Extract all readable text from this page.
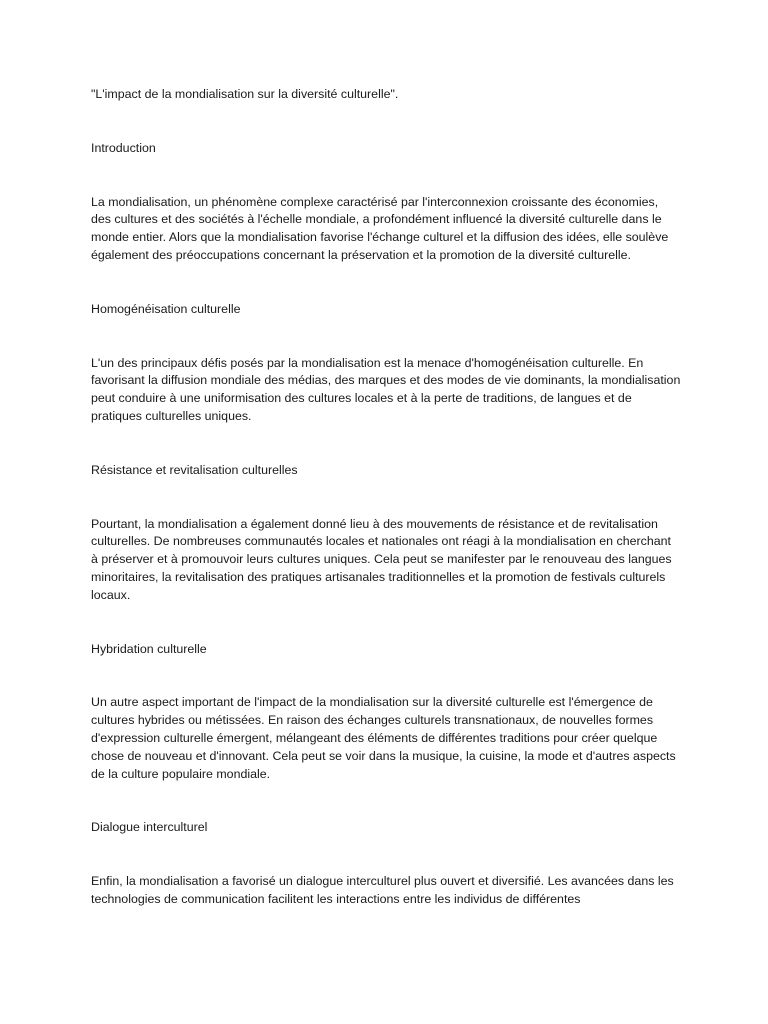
"L'impact de la mondialisation sur la diversité culturelle".

Introduction

La mondialisation, un phénomène complexe caractérisé par l'interconnexion croissante des économies, des cultures et des sociétés à l'échelle mondiale, a profondément influencé la diversité culturelle dans le monde entier. Alors que la mondialisation favorise l'échange culturel et la diffusion des idées, elle soulève également des préoccupations concernant la préservation et la promotion de la diversité culturelle.

Homogénéisation culturelle

L'un des principaux défis posés par la mondialisation est la menace d'homogénéisation culturelle. En favorisant la diffusion mondiale des médias, des marques et des modes de vie dominants, la mondialisation peut conduire à une uniformisation des cultures locales et à la perte de traditions, de langues et de pratiques culturelles uniques.

Résistance et revitalisation culturelles

Pourtant, la mondialisation a également donné lieu à des mouvements de résistance et de revitalisation culturelles. De nombreuses communautés locales et nationales ont réagi à la mondialisation en cherchant à préserver et à promouvoir leurs cultures uniques. Cela peut se manifester par le renouveau des langues minoritaires, la revitalisation des pratiques artisanales traditionnelles et la promotion de festivals culturels locaux.

Hybridation culturelle

Un autre aspect important de l'impact de la mondialisation sur la diversité culturelle est l'émergence de cultures hybrides ou métissées. En raison des échanges culturels transnationaux, de nouvelles formes d'expression culturelle émergent, mélangeant des éléments de différentes traditions pour créer quelque chose de nouveau et d'innovant. Cela peut se voir dans la musique, la cuisine, la mode et d'autres aspects de la culture populaire mondiale.

Dialogue interculturel

Enfin, la mondialisation a favorisé un dialogue interculturel plus ouvert et diversifié. Les avancées dans les technologies de communication facilitent les interactions entre les individus de différentes
